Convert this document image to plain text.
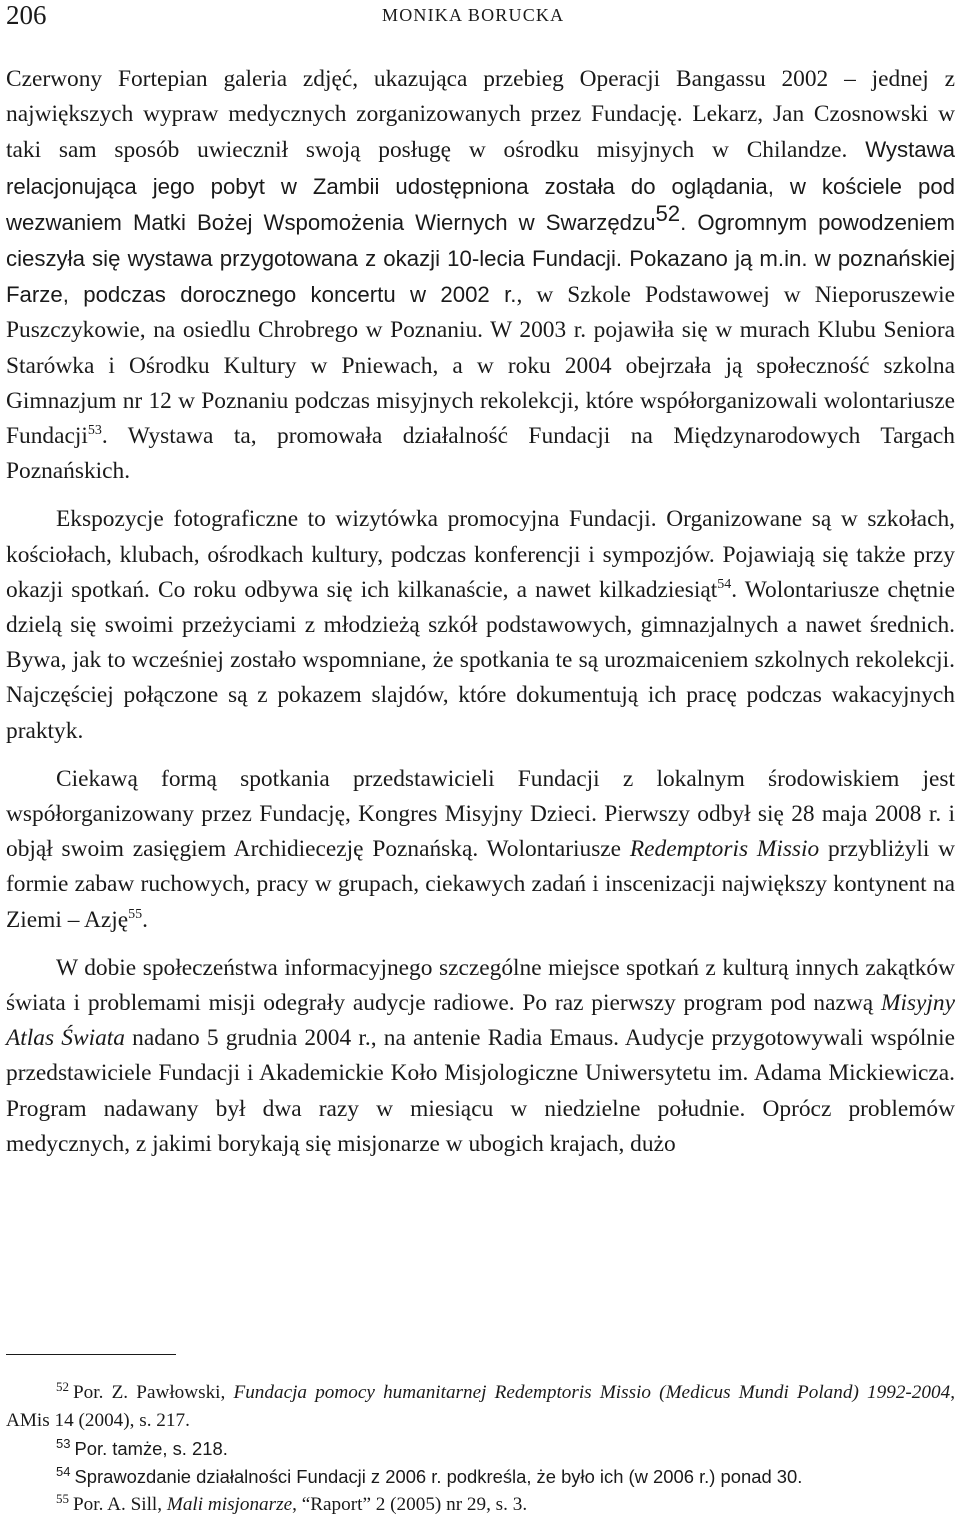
206	MONIKA BORUCKA

Czerwony Fortepian galeria zdjęć, ukazująca przebieg Operacji Bangassu 2002 – jednej z największych wypraw medycznych zorganizowanych przez Fundację. Lekarz, Jan Czosnowski w taki sam sposób uwiecznił swoją posługę w ośrodku misyjnych w Chilandze. Wystawa relacjonująca jego pobyt w Zambii udostępniona została do oglądania, w kościele pod wezwaniem Matki Bożej Wspomożenia Wiernych w Swarzędzu$^{52}$. Ogromnym powodzeniem cieszyła się wystawa przygotowana z okazji 10-lecia Fundacji. Pokazano ją m.in. w poznańskiej Farze, podczas dorocznego koncertu w 2002 r., w Szkole Podstawowej w Nieporuszewie Puszczykowie, na osiedlu Chrobrego w Poznaniu. W 2003 r. pojawiła się w murach Klubu Seniora Starówka i Ośrodku Kultury w Pniewach, a w roku 2004 obejrzała ją społeczność szkolna Gimnazjum nr 12 w Poznaniu podczas misyjnych rekolekcji, które współorganizowali wolontariusze Fundacji$^{53}$. Wystawa ta, promowała działalność Fundacji na Międzynarodowych Targach Poznańskich.

Ekspozycje fotograficzne to wizytówka promocyjna Fundacji. Organizowane są w szkołach, kościołach, klubach, ośrodkach kultury, podczas konferencji i sympozjów. Pojawiają się także przy okazji spotkań. Co roku odbywa się ich kilkanaście, a nawet kilkadziesiąt$^{54}$. Wolontariusze chętnie dzielą się swoimi przeżyciami z młodzieżą szkół podstawowych, gimnazjalnych a nawet średnich. Bywa, jak to wcześniej zostało wspomniane, że spotkania te są urozmaiceniem szkolnych rekolekcji. Najczęściej połączone są z pokazem slajdów, które dokumentują ich pracę podczas wakacyjnych praktyk.

Ciekawą formą spotkania przedstawicieli Fundacji z lokalnym środowiskiem jest współorganizowany przez Fundację, Kongres Misyjny Dzieci. Pierwszy odbył się 28 maja 2008 r. i objął swoim zasięgiem Archidiecezję Poznańską. Wolontariusze Redemptoris Missio przybliżyli w formie zabaw ruchowych, pracy w grupach, ciekawych zadań i inscenizacji największy kontynent na Ziemi – Azję$^{55}$.

W dobie społeczeństwa informacyjnego szczególne miejsce spotkań z kulturą innych zakątków świata i problemami misji odegrały audycje radiowe. Po raz pierwszy program pod nazwą Misyjny Atlas Świata nadano 5 grudnia 2004 r., na antenie Radia Emaus. Audycje przygotowywali wspólnie przedstawiciele Fundacji i Akademickie Koło Misjologiczne Uniwersytetu im. Adama Mickiewicza. Program nadawany był dwa razy w miesiącu w niedzielne południe. Oprócz problemów medycznych, z jakimi borykają się misjonarze w ubogich krajach, dużo

$^{52}$ Por. Z. Pawłowski, Fundacja pomocy humanitarnej Redemptoris Missio (Medicus Mundi Poland) 1992-2004, AMis 14 (2004), s. 217.

$^{53}$ Por. tamże, s. 218.

$^{54}$ Sprawozdanie działalności Fundacji z 2006 r. podkreśla, że było ich (w 2006 r.) ponad 30.

$^{55}$ Por. A. Sill, Mali misjonarze, “Raport” 2 (2005) nr 29, s. 3.
